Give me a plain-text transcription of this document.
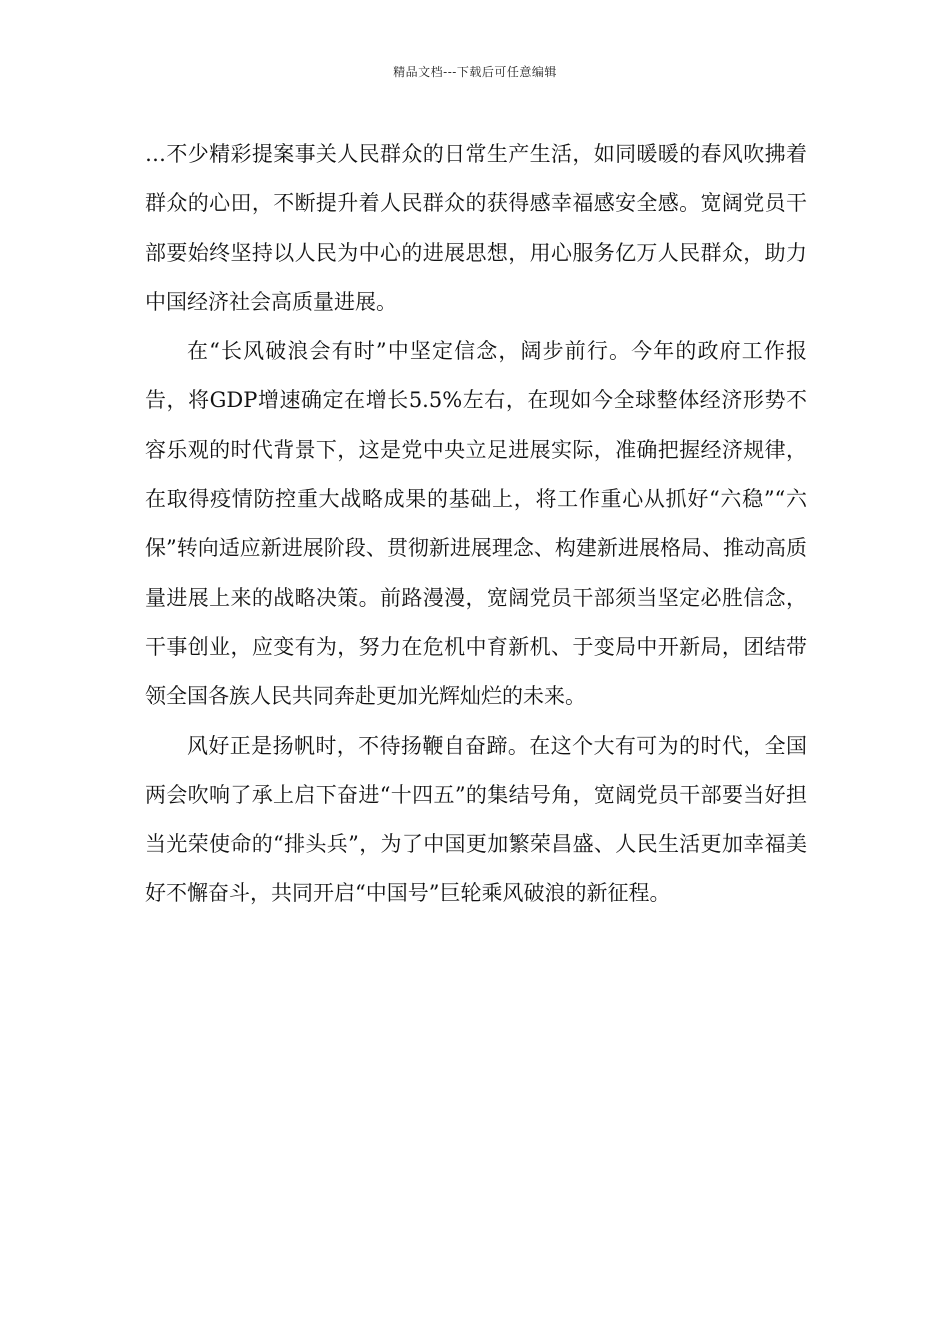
精品文档---下载后可任意编辑

…不少精彩提案事关人民群众的日常生产生活，如同暖暖的春风吹拂着群众的心田，不断提升着人民群众的获得感幸福感安全感。宽阔党员干部要始终坚持以人民为中心的进展思想，用心服务亿万人民群众，助力中国经济社会高质量进展。

在“长风破浪会有时”中坚定信念，阔步前行。今年的政府工作报告，将GDP增速确定在增长5.5%左右，在现如今全球整体经济形势不容乐观的时代背景下，这是党中央立足进展实际，准确把握经济规律，在取得疫情防控重大战略成果的基础上，将工作重心从抓好“六稳”“六保”转向适应新进展阶段、贯彻新进展理念、构建新进展格局、推动高质量进展上来的战略决策。前路漫漫，宽阔党员干部须当坚定必胜信念，干事创业，应变有为，努力在危机中育新机、于变局中开新局，团结带领全国各族人民共同奔赴更加光辉灿烂的未来。

风好正是扬帆时，不待扬鞭自奋蹄。在这个大有可为的时代，全国两会吹响了承上启下奋进“十四五”的集结号角，宽阔党员干部要当好担当光荣使命的“排头兵”，为了中国更加繁荣昌盛、人民生活更加幸福美好不懈奋斗，共同开启“中国号”巨轮乘风破浪的新征程。
